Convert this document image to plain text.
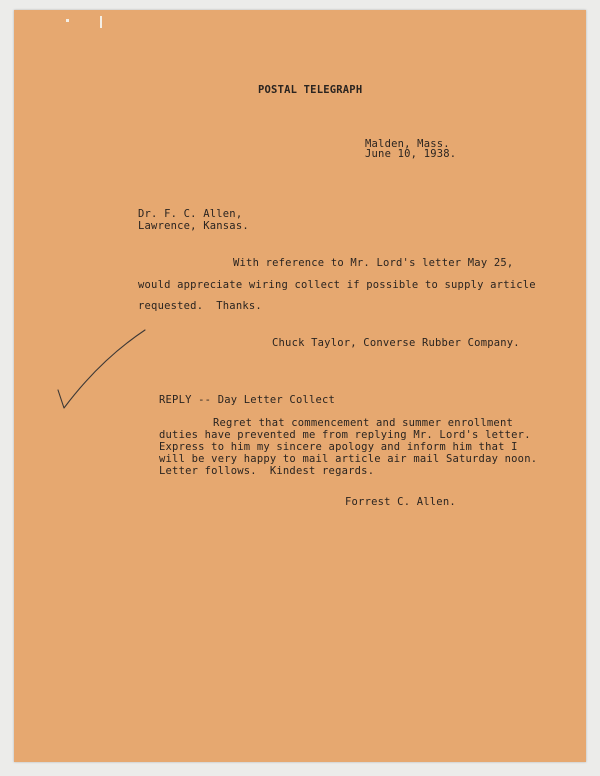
POSTAL TELEGRAPH
Malden, Mass.
June 10, 1938.
Dr. F. C. Allen,
Lawrence, Kansas.
With reference to Mr. Lord's letter May 25,
would appreciate wiring collect if possible to supply article
requested.  Thanks.
Chuck Taylor, Converse Rubber Company.
REPLY -- Day Letter Collect
Regret that commencement and summer enrollment
duties have prevented me from replying Mr. Lord's letter.
Express to him my sincere apology and inform him that I
will be very happy to mail article air mail Saturday noon.
Letter follows.  Kindest regards.
Forrest C. Allen.
